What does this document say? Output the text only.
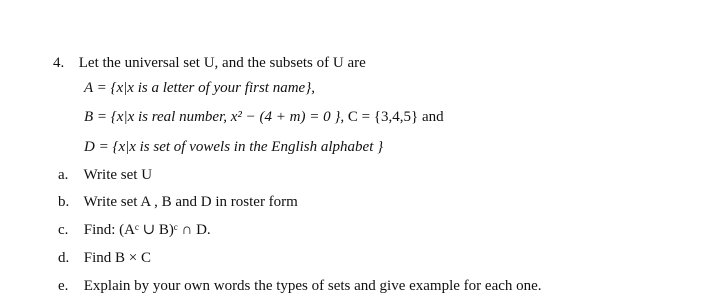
4. Let the universal set U, and the subsets of U are
A = {x|x is a letter of your first name},
B = {x|x is real number, x² − (4 + m) = 0 }, C = {3,4,5} and
D = {x|x is set of vowels in the English alphabet }
a. Write set U
b. Write set A , B and D in roster form
c. Find: (Aᶜ ∪ B)ᶜ ∩ D.
d. Find B × C
e. Explain by your own words the types of sets and give example for each one.
